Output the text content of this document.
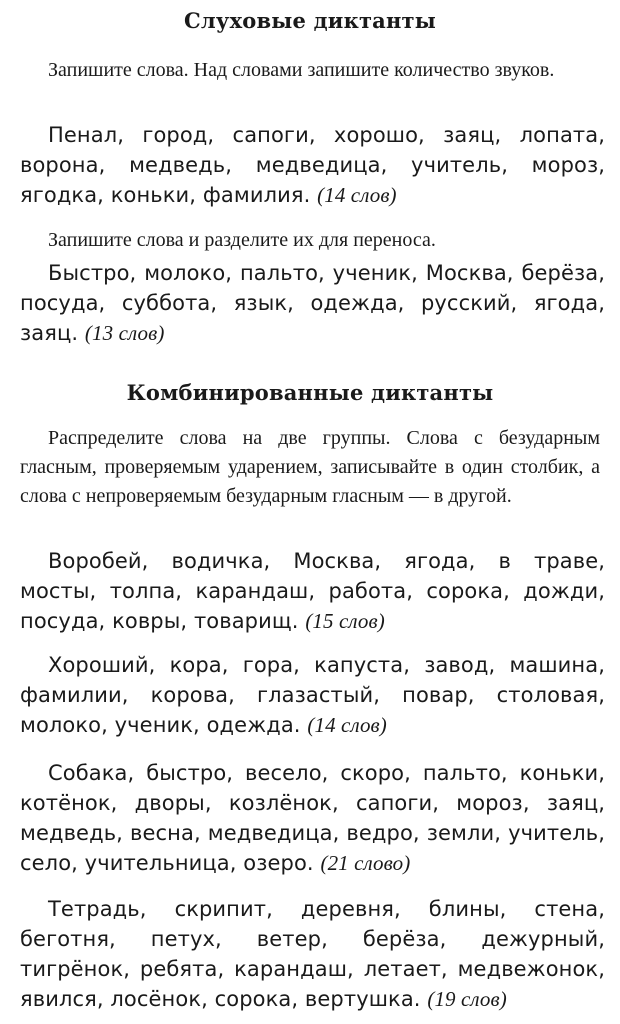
Слуховые диктанты

Запишите слова. Над словами запишите количество звуков.

Пенал, город, сапоги, хорошо, заяц, лопата, ворона, медведь, медведица, учитель, мороз, ягодка, коньки, фамилия. (14 слов)

Запишите слова и разделите их для переноса.

Быстро, молоко, пальто, ученик, Москва, берёза, посуда, суббота, язык, одежда, русский, ягода, заяц. (13 слов)

Комбинированные диктанты

Распределите слова на две группы. Слова с безударным гласным, проверяемым ударением, записывайте в один столбик, а слова с непроверяемым безударным гласным — в другой.

Воробей, водичка, Москва, ягода, в траве, мосты, толпа, карандаш, работа, сорока, дожди, посуда, ковры, товарищ. (15 слов)

Хороший, кора, гора, капуста, завод, машина, фамилии, корова, глазастый, повар, столовая, молоко, ученик, одежда. (14 слов)

Собака, быстро, весело, скоро, пальто, коньки, котёнок, дворы, козлёнок, сапоги, мороз, заяц, медведь, весна, медведица, ведро, земли, учитель, село, учительница, озеро. (21 слово)

Тетрадь, скрипит, деревня, блины, стена, беготня, петух, ветер, берёза, дежурный, тигрёнок, ребята, карандаш, летает, медвежонок, явился, лосёнок, сорока, вертушка. (19 слов)
